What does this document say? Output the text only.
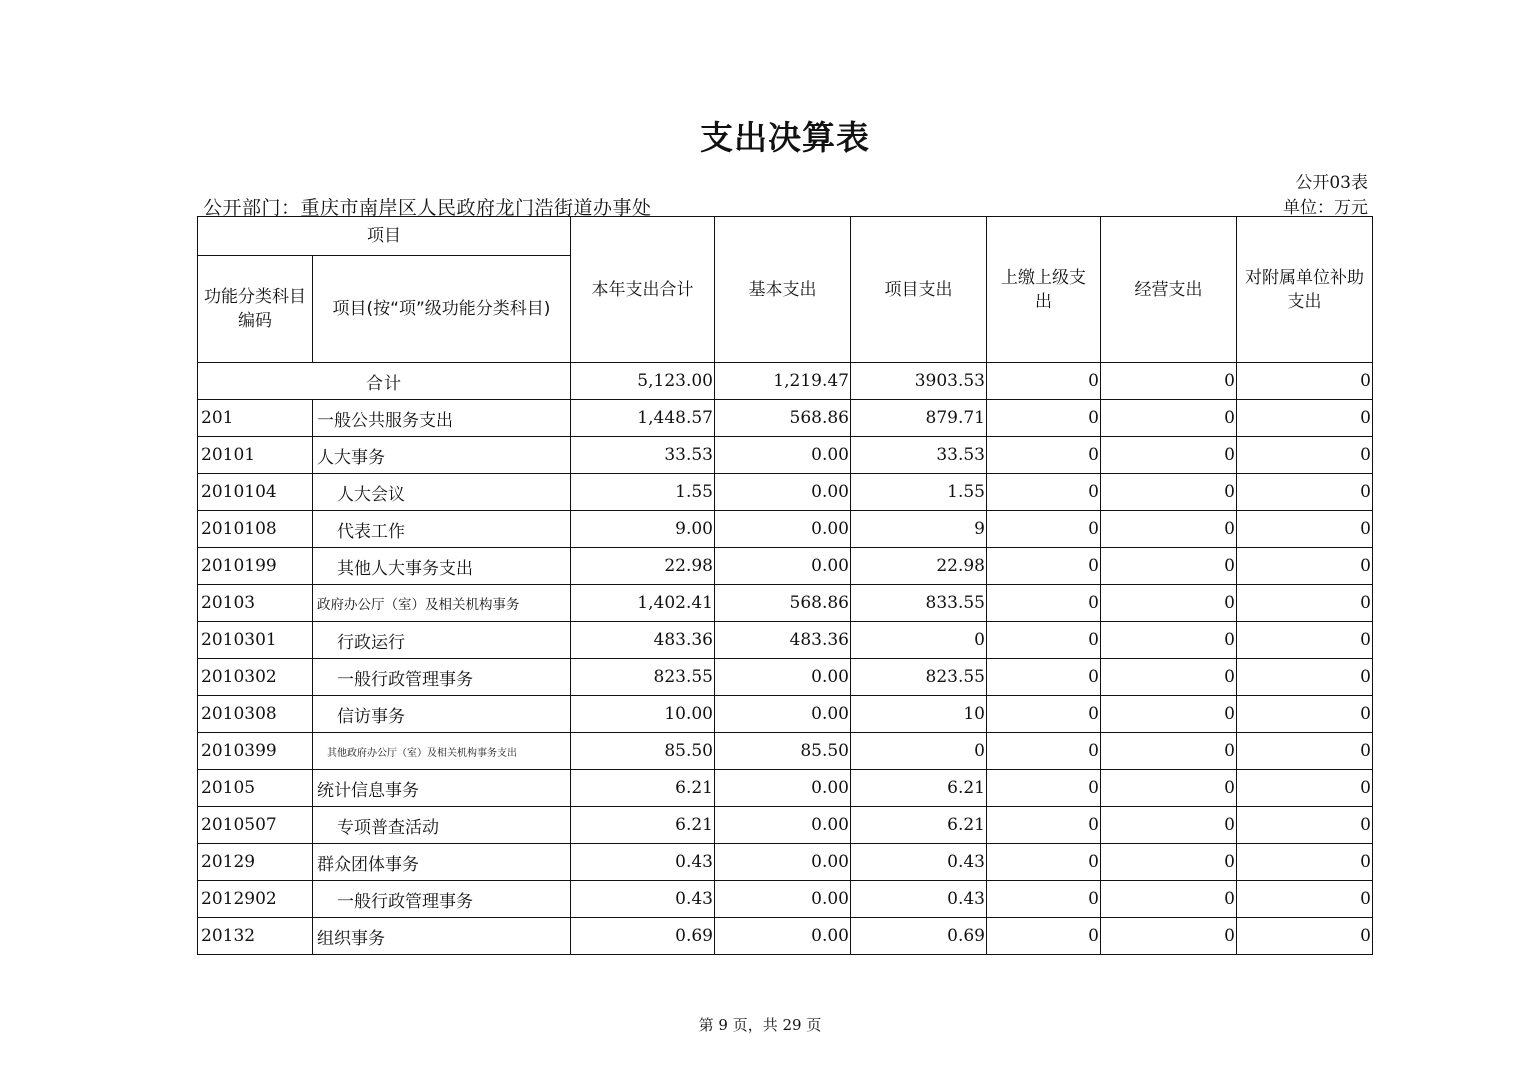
支出决算表
公开03表
公开部门：重庆市南岸区人民政府龙门浩街道办事处	单位：万元
项目		本年支出合计	基本支出	项目支出	上缴上级支出	经营支出	对附属单位补助支出
功能分类科目编码	项目(按“项”级功能分类科目)						
合计		5,123.00	1,219.47	3903.53	0	0	0
201	一般公共服务支出	1,448.57	568.86	879.71	0	0	0
20101	人大事务	33.53	0.00	33.53	0	0	0
2010104	人大会议	1.55	0.00	1.55	0	0	0
2010108	代表工作	9.00	0.00	9	0	0	0
2010199	其他人大事务支出	22.98	0.00	22.98	0	0	0
20103	政府办公厅（室）及相关机构事务	1,402.41	568.86	833.55	0	0	0
2010301	行政运行	483.36	483.36	0	0	0	0
2010302	一般行政管理事务	823.55	0.00	823.55	0	0	0
2010308	信访事务	10.00	0.00	10	0	0	0
2010399	其他政府办公厅（室）及相关机构事务支出	85.50	85.50	0	0	0	0
20105	统计信息事务	6.21	0.00	6.21	0	0	0
2010507	专项普查活动	6.21	0.00	6.21	0	0	0
20129	群众团体事务	0.43	0.00	0.43	0	0	0
2012902	一般行政管理事务	0.43	0.00	0.43	0	0	0
20132	组织事务	0.69	0.00	0.69	0	0	0
第 9 页，共 29 页
